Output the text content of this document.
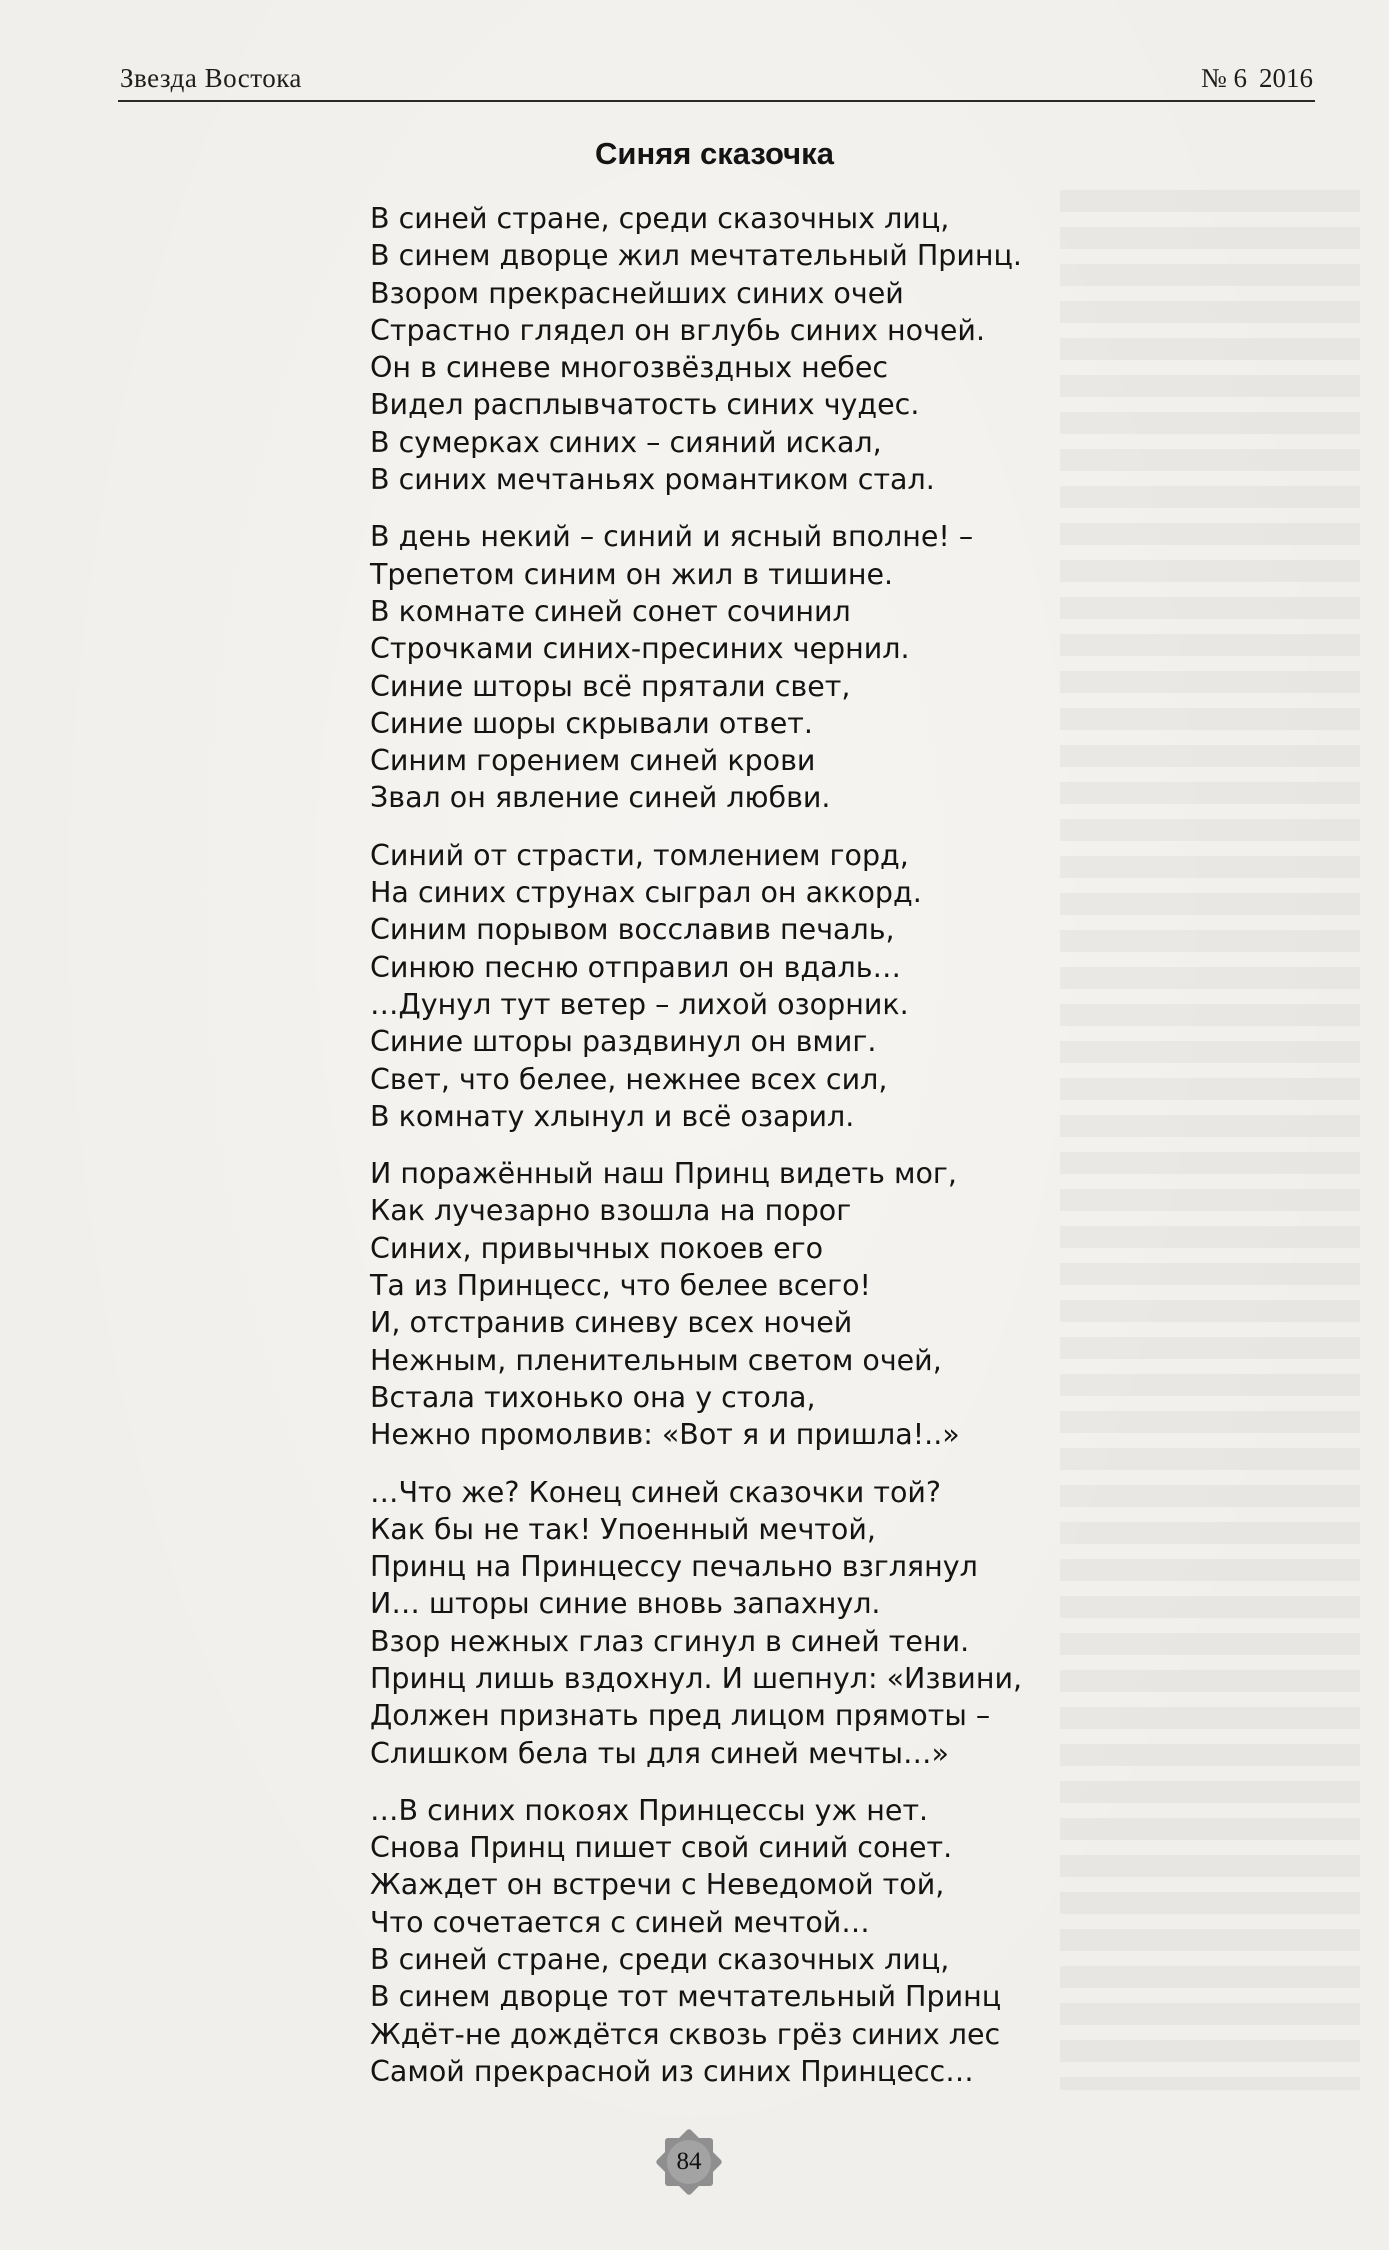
Звезда Востока	№ 6 2016
Синяя сказочка
В синей стране, среди сказочных лиц,
В синем дворце жил мечтательный Принц.
Взором прекраснейших синих очей
Страстно глядел он вглубь синих ночей.
Он в синеве многозвёздных небес
Видел расплывчатость синих чудес.
В сумерках синих – сияний искал,
В синих мечтаньях романтиком стал.
В день некий – синий и ясный вполне! –
Трепетом синим он жил в тишине.
В комнате синей сонет сочинил
Строчками синих-пресиних чернил.
Синие шторы всё прятали свет,
Синие шоры скрывали ответ.
Синим горением синей крови
Звал он явление синей любви.
Синий от страсти, томлением горд,
На синих струнах сыграл он аккорд.
Синим порывом восславив печаль,
Синюю песню отправил он вдаль…
…Дунул тут ветер – лихой озорник.
Синие шторы раздвинул он вмиг.
Свет, что белее, нежнее всех сил,
В комнату хлынул и всё озарил.
И поражённый наш Принц видеть мог,
Как лучезарно взошла на порог
Синих, привычных покоев его
Та из Принцесс, что белее всего!
И, отстранив синеву всех ночей
Нежным, пленительным светом очей,
Встала тихонько она у стола,
Нежно промолвив: «Вот я и пришла!..»
…Что же? Конец синей сказочки той?
Как бы не так! Упоенный мечтой,
Принц на Принцессу печально взглянул
И… шторы синие вновь запахнул.
Взор нежных глаз сгинул в синей тени.
Принц лишь вздохнул. И шепнул: «Извини,
Должен признать пред лицом прямоты –
Слишком бела ты для синей мечты…»
…В синих покоях Принцессы уж нет.
Снова Принц пишет свой синий сонет.
Жаждет он встречи с Неведомой той,
Что сочетается с синей мечтой…
В синей стране, среди сказочных лиц,
В синем дворце тот мечтательный Принц
Ждёт-не дождётся сквозь грёз синих лес
Самой прекрасной из синих Принцесс…
84
